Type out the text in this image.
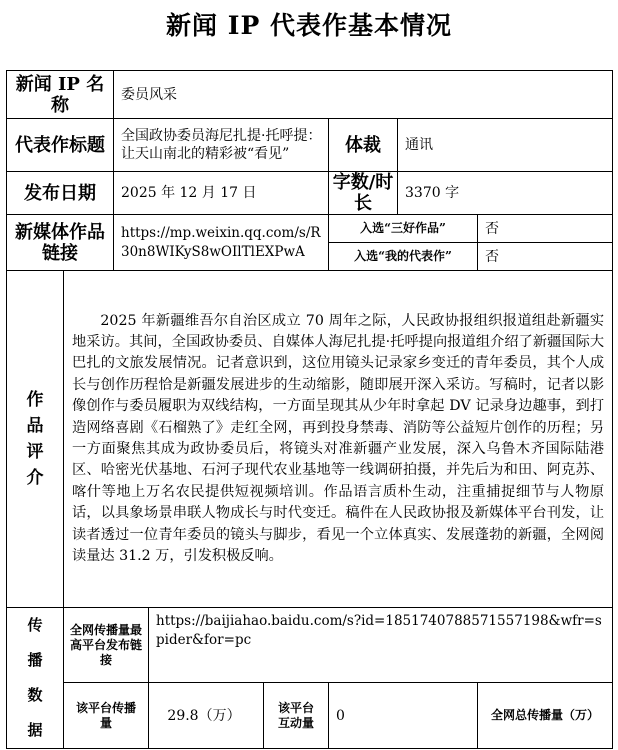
新闻 IP 代表作基本情况
新闻 IP 名称		委员风采						
代表作标题		全国政协委员海尼扎提·托呼提：让天山南北的精彩被“看见”			体裁	通讯		
发布日期		2025 年 12 月 17 日			字数/时长	3370 字		
新媒体作品链接		https://mp.weixin.qq.com/s/R30n8WIKyS8wOIlTlEXPwA			入选“三好作品”		否	
					入选“我的代表作”		否	

作品评介	2025 年新疆维吾尔自治区成立 70 周年之际，人民政协报组织报道组赴新疆实地采访。其间，全国政协委员、自媒体人海尼扎提·托呼提向报道组介绍了新疆国际大巴扎的文旅发展情况。记者意识到，这位用镜头记录家乡变迁的青年委员，其个人成长与创作历程恰是新疆发展进步的生动缩影，随即展开深入采访。写稿时，记者以影像创作与委员履职为双线结构，一方面呈现其从少年时拿起 DV 记录身边趣事，到打造网络喜剧《石榴熟了》走红全网，再到投身禁毒、消防等公益短片创作的历程；另一方面聚焦其成为政协委员后，将镜头对准新疆产业发展，深入乌鲁木齐国际陆港区、哈密光伏基地、石河子现代农业基地等一线调研拍摄，并先后为和田、阿克苏、喀什等地上万名农民提供短视频培训。作品语言质朴生动，注重捕捉细节与人物原话，以具象场景串联人物成长与时代变迁。稿件在人民政协报及新媒体平台刊发，让读者透过一位青年委员的镜头与脚步，看见一个立体真实、发展蓬勃的新疆，全网阅读量达 31.2 万，引发积极反响。							

传播数据	全网传播量最高平台发布链接		https://baijiahao.baidu.com/s?id=1851740788571557198&wfr=spider&for=pc					
	该平台传播量		29.8（万）	该平台互动量	0		全网总传播量（万）	
